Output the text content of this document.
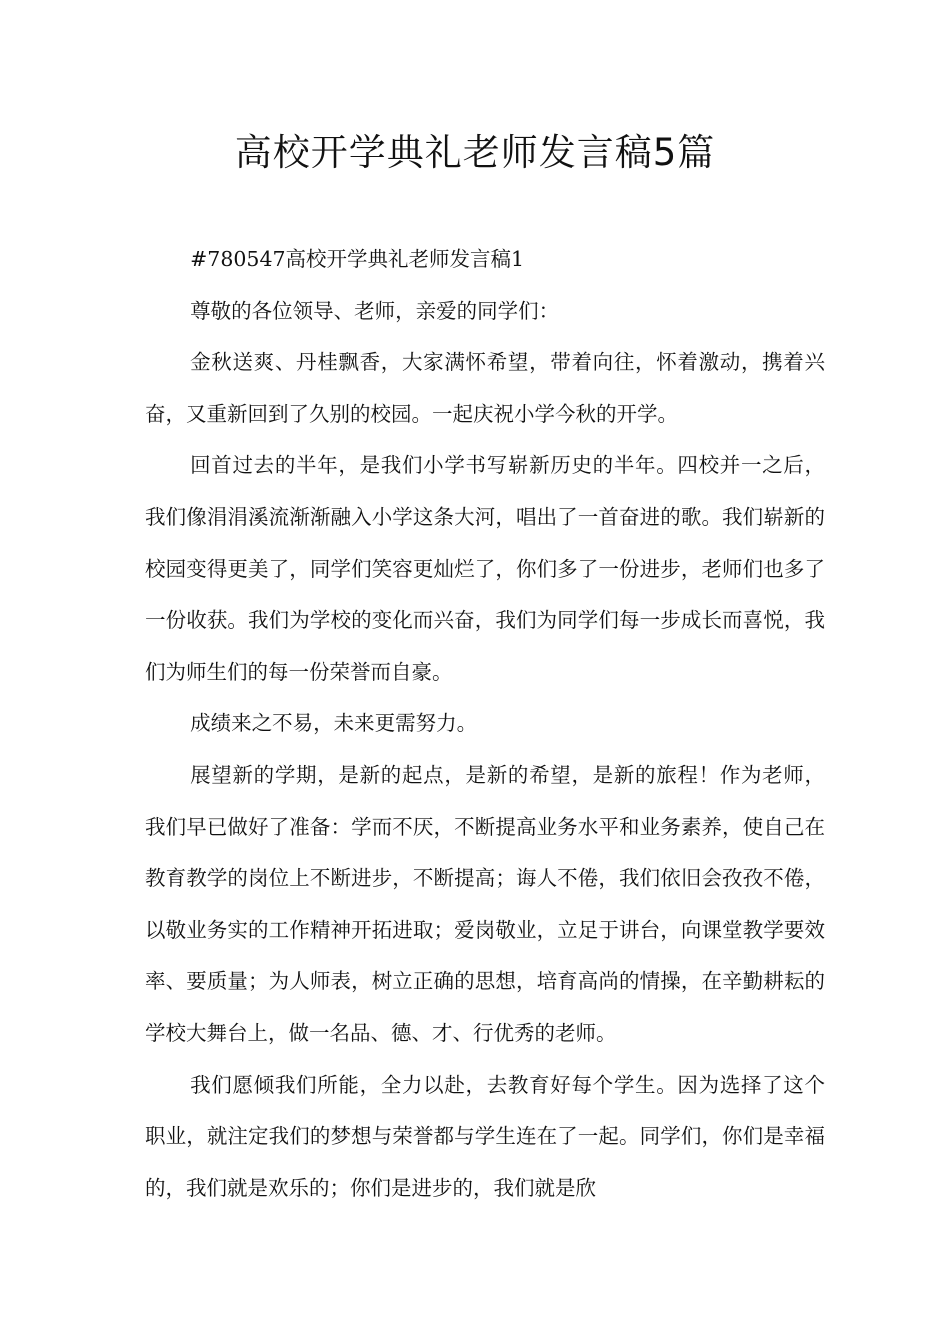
高校开学典礼老师发言稿5篇

#780547高校开学典礼老师发言稿1

尊敬的各位领导、老师，亲爱的同学们：

金秋送爽、丹桂飘香，大家满怀希望，带着向往，怀着激动，携着兴奋，又重新回到了久别的校园。一起庆祝小学今秋的开学。

回首过去的半年，是我们小学书写崭新历史的半年。四校并一之后，我们像涓涓溪流渐渐融入小学这条大河，唱出了一首奋进的歌。我们崭新的校园变得更美了，同学们笑容更灿烂了，你们多了一份进步，老师们也多了一份收获。我们为学校的变化而兴奋，我们为同学们每一步成长而喜悦，我们为师生们的每一份荣誉而自豪。

成绩来之不易，未来更需努力。

展望新的学期，是新的起点，是新的希望，是新的旅程！作为老师，我们早已做好了准备：学而不厌，不断提高业务水平和业务素养，使自己在教育教学的岗位上不断进步，不断提高；诲人不倦，我们依旧会孜孜不倦，以敬业务实的工作精神开拓进取；爱岗敬业，立足于讲台，向课堂教学要效率、要质量；为人师表，树立正确的思想，培育高尚的情操，在辛勤耕耘的学校大舞台上，做一名品、德、才、行优秀的老师。

我们愿倾我们所能，全力以赴，去教育好每个学生。因为选择了这个职业，就注定我们的梦想与荣誉都与学生连在了一起。同学们，你们是幸福的，我们就是欢乐的；你们是进步的，我们就是欣
